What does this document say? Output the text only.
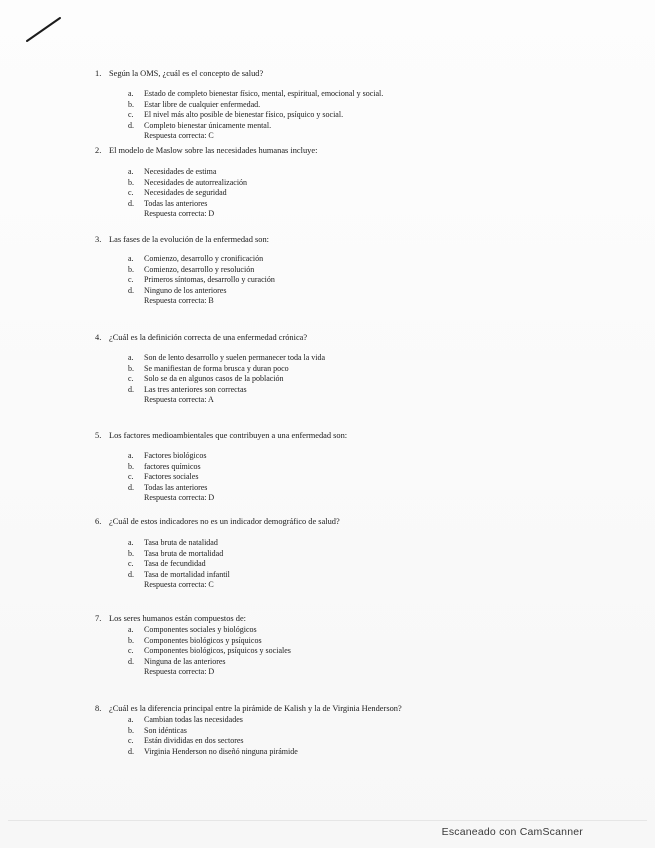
1. Según la OMS, ¿cuál es el concepto de salud?
a. Estado de completo bienestar físico, mental, espiritual, emocional y social.
b. Estar libre de cualquier enfermedad.
c. El nivel más alto posible de bienestar físico, psíquico y social.
d. Completo bienestar únicamente mental.
Respuesta correcta: C
2. El modelo de Maslow sobre las necesidades humanas incluye:
a. Necesidades de estima
b. Necesidades de autorrealización
c. Necesidades de seguridad
d. Todas las anteriores
Respuesta correcta: D
3. Las fases de la evolución de la enfermedad son:
a. Comienzo, desarrollo y cronificación
b. Comienzo, desarrollo y resolución
c. Primeros síntomas, desarrollo y curación
d. Ninguno de los anteriores
Respuesta correcta: B
4. ¿Cuál es la definición correcta de una enfermedad crónica?
a. Son de lento desarrollo y suelen permanecer toda la vida
b. Se manifiestan de forma brusca y duran poco
c. Solo se da en algunos casos de la población
d. Las tres anteriores son correctas
Respuesta correcta: A
5. Los factores medioambientales que contribuyen a una enfermedad son:
a. Factores biológicos
b. factores químicos
c. Factores sociales
d. Todas las anteriores
Respuesta correcta: D
6. ¿Cuál de estos indicadores no es un indicador demográfico de salud?
a. Tasa bruta de natalidad
b. Tasa bruta de mortalidad
c. Tasa de fecundidad
d. Tasa de mortalidad infantil
Respuesta correcta: C
7. Los seres humanos están compuestos de:
a. Componentes sociales y biológicos
b. Componentes biológicos y psíquicos
c. Componentes biológicos, psíquicos y sociales
d. Ninguna de las anteriores
Respuesta correcta: D
8. ¿Cuál es la diferencia principal entre la pirámide de Kalish y la de Virginia Henderson?
a. Cambian todas las necesidades
b. Son idénticas
c. Están divididas en dos sectores
d. Virginia Henderson no diseñó ninguna pirámide
Escaneado con CamScanner
